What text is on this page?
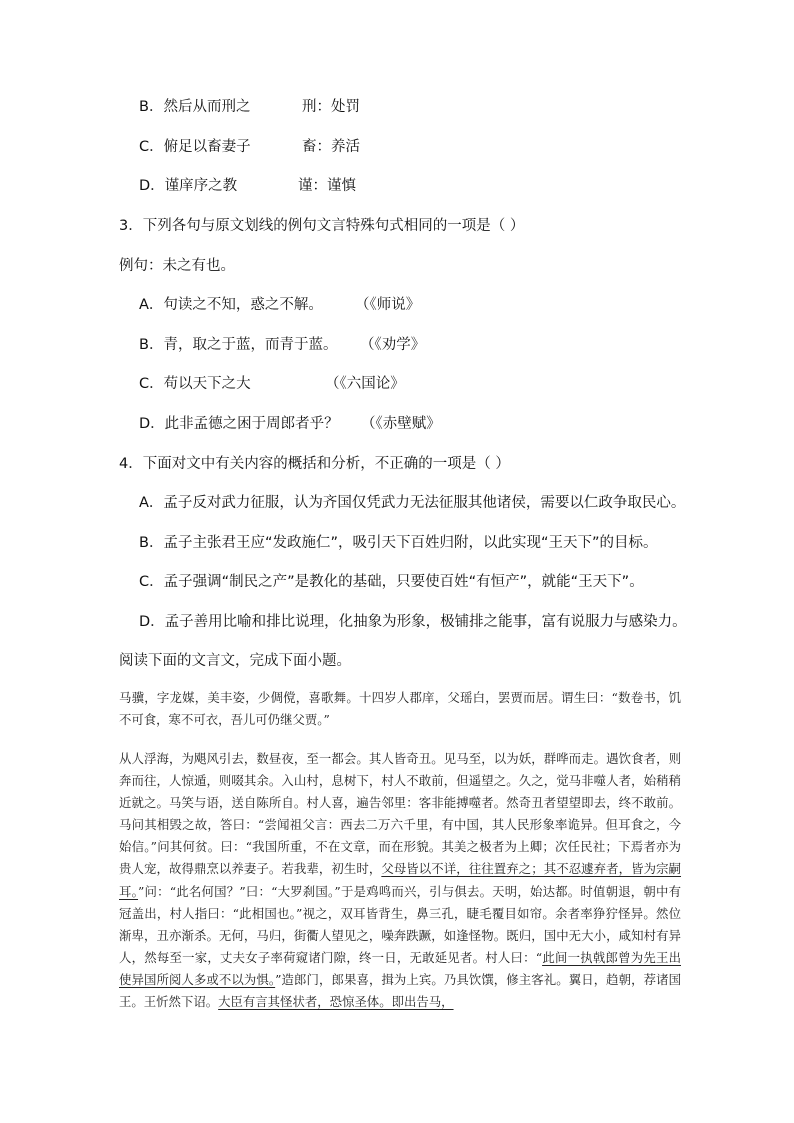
B．然后从而刑之	刑：处罚
C．俯足以畜妻子	畜：养活
D．谨庠序之教	谨：谨慎
3．下列各句与原文划线的例句文言特殊句式相同的一项是（ ）
例句：未之有也。
A．句读之不知，惑之不解。 （《师说》
B．青，取之于蓝，而青于蓝。 （《劝学》
C．苟以天下之大	（《六国论》
D．此非孟德之困于周郎者乎？ （《赤壁赋》
4．下面对文中有关内容的概括和分析，不正确的一项是（ ）
A．孟子反对武力征服，认为齐国仅凭武力无法征服其他诸侯，需要以仁政争取民心。
B．孟子主张君王应“发政施仁”，吸引天下百姓归附，以此实现“王天下”的目标。
C．孟子强调“制民之产”是教化的基础，只要使百姓“有恒产”，就能“王天下”。
D．孟子善用比喻和排比说理，化抽象为形象，极铺排之能事，富有说服力与感染力。
阅读下面的文言文，完成下面小题。

马骥，字龙媒，美丰姿，少倜傥，喜歌舞。十四岁人郡庠，父瑶白，罢贾而居。谓生曰：“数卷书，饥不可食，寒不可衣，吾儿可仍继父贾。”

从人浮海，为飓风引去，数昼夜，至一都会。其人皆奇丑。见马至，以为妖，群哗而走。遇饮食者，则奔而往，人惊遁，则啜其余。入山村，息树下，村人不敢前，但遥望之。久之，觉马非噬人者，始稍稍近就之。马笑与语，送自陈所自。村人喜，遍告邻里：客非能搏噬者。然奇丑者望望即去，终不敢前。马问其相毁之故，答曰：“尝闻祖父言：西去二万六千里，有中国，其人民形象率诡异。但耳食之，今始信。”问其何贫。曰：“我国所重，不在文章，而在形貌。其美之极者为上卿；次任民社；下焉者亦为贵人宠，故得鼎烹以养妻子。若我辈，初生时，父母皆以不详，往往置弃之；其不忍遽弃者，皆为宗嗣耳。”问：“此名何国？”曰：“大罗刹国。”于是鸡鸣而兴，引与俱去。天明，始达都。时值朝退，朝中有冠盖出，村人指曰：“此相国也。”视之，双耳皆背生，鼻三孔，睫毛覆目如帘。余者率狰狞怪异。然位渐卑，丑亦渐杀。无何，马归，街衢人望见之，噪奔跌蹶，如逢怪物。既归，国中无大小，咸知村有异人，然每至一家，丈夫女子率荷窥诸门隙，终一日，无敢延见者。村人曰：“此间一执戟郎曾为先王出使异国所阅人多或不以为惧。”造郎门，郎果喜，揖为上宾。乃具饮馔，修主客礼。翼日，趋朝，荐诸国王。王忻然下诏。大臣有言其怪状者，恐惊圣体。即出告马，
